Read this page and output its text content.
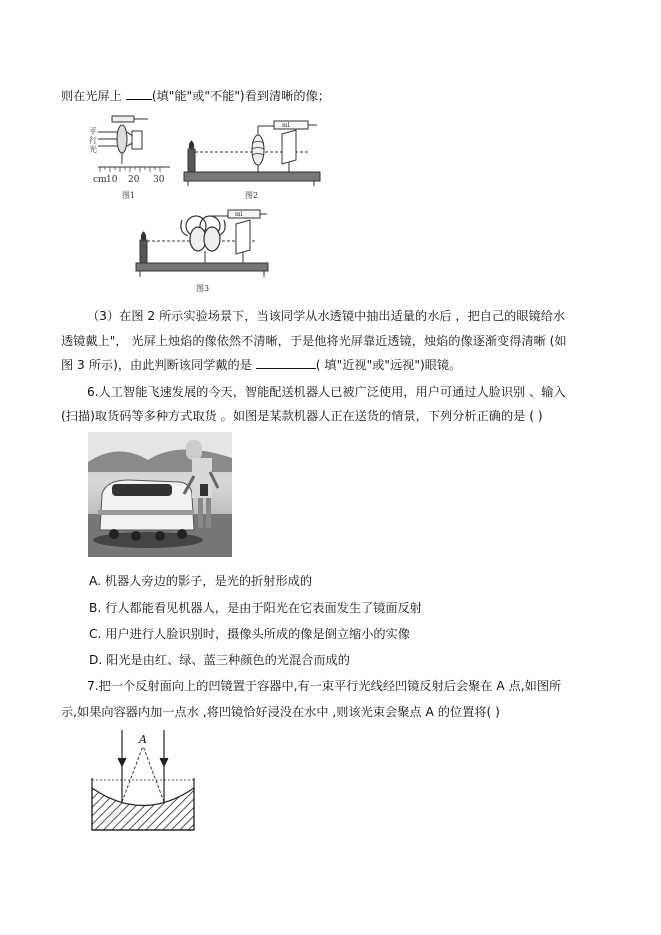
则在光屏上 (填"能"或"不能")看到清晰的像；
平
行
光
cm 10 20 30
图1
ml
图2
ml
图3
（3）在图 2 所示实验场景下，当该同学从水透镜中抽出适量的水后 ，把自己的眼镜给水
透镜戴上"， 光屏上烛焰的像依然不清晰，于是他将光屏靠近透镜，烛焰的像逐渐变得清晰 (如
图 3 所示)，由此判断该同学戴的是	( 填"近视"或"远视")眼镜。
6.人工智能飞速发展的今天，智能配送机器人已被广泛使用，用户可通过人脸识别 、输入
(扫描)取货码等多种方式取货 。如图是某款机器人正在送货的情景，下列分析正确的是 ( )
A. 机器人旁边的影子，是光的折射形成的
B. 行人都能看见机器人，是由于阳光在它表面发生了镜面反射
C. 用户进行人脸识别时，摄像头所成的像是倒立缩小的实像
D. 阳光是由红、绿、蓝三种颜色的光混合而成的
7.把一个反射面向上的凹镜置于容器中,有一束平行光线经凹镜反射后会聚在 A 点,如图所
示,如果向容器内加一点水 ,将凹镜恰好浸没在水中 ,则该光束会聚点 A 的位置将( )
A
